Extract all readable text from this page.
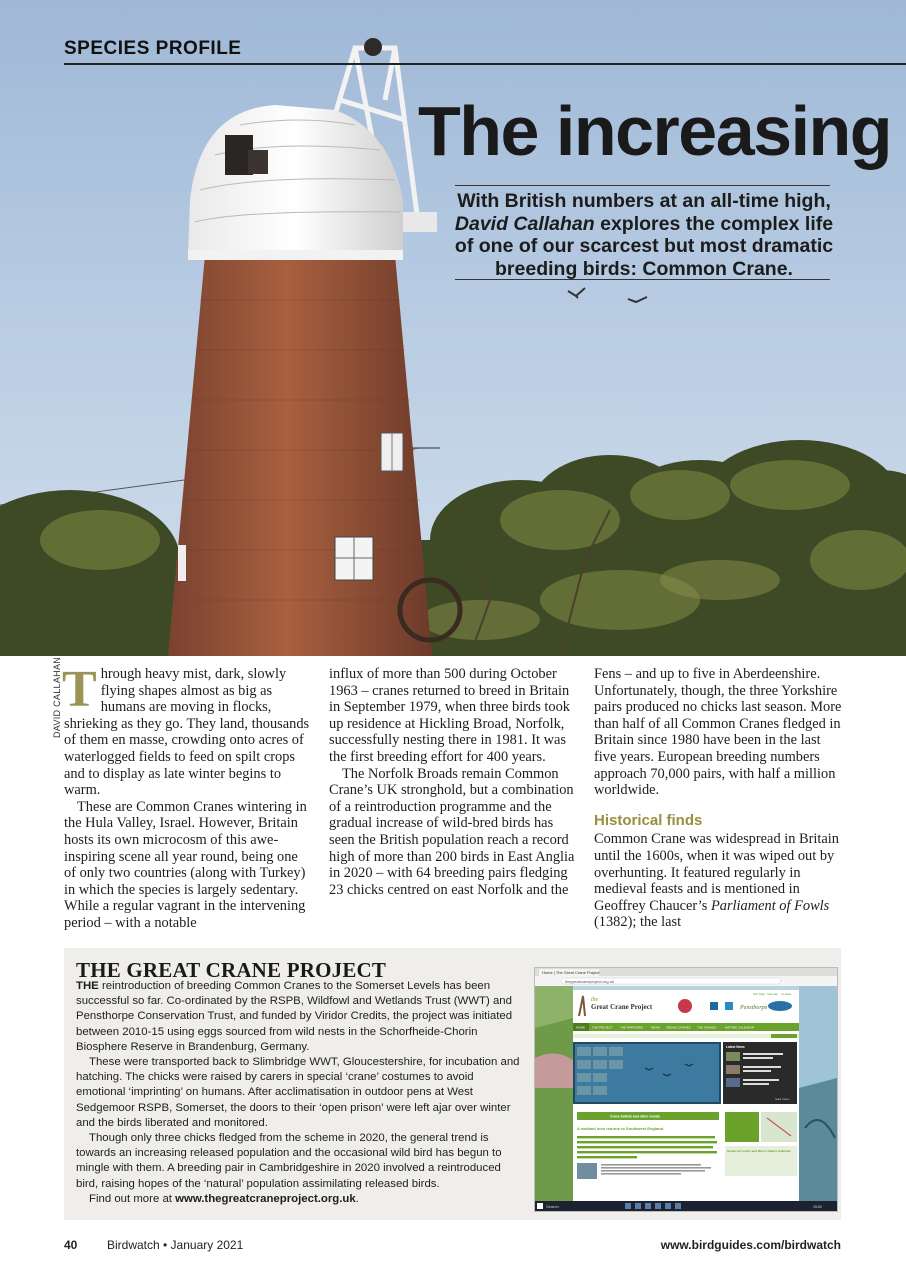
SPECIES PROFILE
The increasing
With British numbers at an all-time high,
David Callahan explores the complex life of one of our scarcest but most dramatic breeding birds: Common Crane.
DAVID CALLAHAN Through heavy mist, dark, slowly flying shapes almost as big as humans are moving in flocks, shrieking as they go. They land, thousands of them en masse, crowding onto acres of waterlogged fields to feed on spilt crops and to display as late winter begins to warm.

These are Common Cranes wintering in the Hula Valley, Israel. However, Britain hosts its own microcosm of this awe-inspiring scene all year round, being one of only two countries (along with Turkey) in which the species is largely sedentary. While a regular vagrant in the intervening period – with a notable

influx of more than 500 during October 1963 – cranes returned to breed in Britain in September 1979, when three birds took up residence at Hickling Broad, Norfolk, successfully nesting there in 1981. It was the first breeding effort for 400 years.

The Norfolk Broads remain Common Crane’s UK stronghold, but a combination of a reintroduction programme and the gradual increase of wild-bred birds has seen the British population reach a record high of more than 200 birds in East Anglia in 2020 – with 64 breeding pairs fledging 23 chicks centred on east Norfolk and the

Fens – and up to five in Aberdeenshire. Unfortunately, though, the three Yorkshire pairs produced no chicks last season. More than half of all Common Cranes fledged in Britain since 1980 have been in the last five years. European breeding numbers approach 70,000 pairs, with half a million worldwide.

Historical finds

Common Crane was widespread in Britain until the 1600s, when it was wiped out by overhunting. It featured regularly in medieval feasts and is mentioned in Geoffrey Chaucer’s Parliament of Fowls (1382); the last

THE GREAT CRANE PROJECT

THE reintroduction of breeding Common Cranes to the Somerset Levels has been successful so far. Co-ordinated by the RSPB, Wildfowl and Wetlands Trust (WWT) and Pensthorpe Conservation Trust, and funded by Viridor Credits, the project was initiated between 2010-15 using eggs sourced from wild nests in the Schorfheide-Chorin Biosphere Reserve in Brandenburg, Germany.

These were transported back to Slimbridge WWT, Gloucestershire, for incubation and hatching. The chicks were raised by carers in special ‘crane’ costumes to avoid emotional ‘imprinting’ on humans. After acclimatisation in outdoor pens at West Sedgemoor RSPB, Somerset, the doors to their ‘open prison’ were left ajar over winter and the birds liberated and monitored.

Though only three chicks fledged from the scheme in 2020, the general trend is towards an increasing released population and the occasional wild bird has begun to mingle with them. A breeding pair in Cambridgeshire in 2020 involved a reintroduced bird, raising hopes of the ‘natural’ population assimilating released birds.

Find out more at www.thegreatcraneproject.org.uk.

Home | The Great Crane Project
thegreatcraneproject.org.uk
the
Great Crane Project	Pensthorpe
Site Map Sitemap Contact
HOME THE PROJECT THE PARTNERS	NEWS SEEING CRANES THE CRANES	NATURE CALENDAR
Latest News
read more...
Crane Safaris and other events
A wetland icon returns to Southwest England.
Somerset Levels and Moors Nature Calendar
Search	15:00
40 Birdwatch • January 2021	www.birdguides.com/birdwatch
